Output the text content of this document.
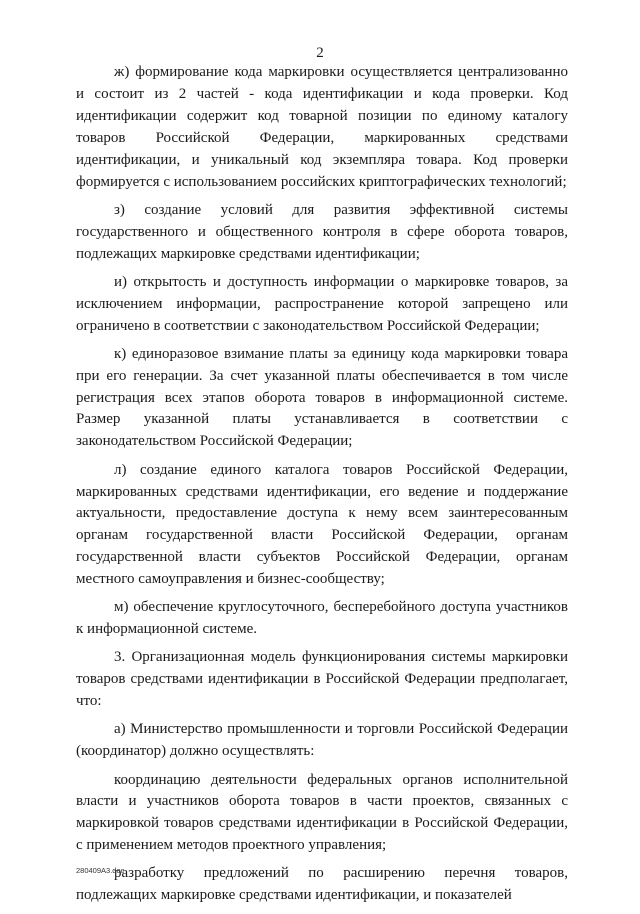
2

ж) формирование кода маркировки осуществляется централизованно и состоит из 2 частей - кода идентификации и кода проверки. Код идентификации содержит код товарной позиции по единому каталогу товаров Российской Федерации, маркированных средствами идентификации, и уникальный код экземпляра товара. Код проверки формируется с использованием российских криптографических технологий;

з) создание условий для развития эффективной системы государственного и общественного контроля в сфере оборота товаров, подлежащих маркировке средствами идентификации;

и) открытость и доступность информации о маркировке товаров, за исключением информации, распространение которой запрещено или ограничено в соответствии с законодательством Российской Федерации;

к) единоразовое взимание платы за единицу кода маркировки товара при его генерации. За счет указанной платы обеспечивается в том числе регистрация всех этапов оборота товаров в информационной системе. Размер указанной платы устанавливается в соответствии с законодательством Российской Федерации;

л) создание единого каталога товаров Российской Федерации, маркированных средствами идентификации, его ведение и поддержание актуальности, предоставление доступа к нему всем заинтересованным органам государственной власти Российской Федерации, органам государственной власти субъектов Российской Федерации, органам местного самоуправления и бизнес-сообществу;

м) обеспечение круглосуточного, бесперебойного доступа участников к информационной системе.

3. Организационная модель функционирования системы маркировки товаров средствами идентификации в Российской Федерации предполагает, что:

а) Министерство промышленности и торговли Российской Федерации (координатор) должно осуществлять:

координацию деятельности федеральных органов исполнительной власти и участников оборота товаров в части проектов, связанных с маркировкой товаров средствами идентификации в Российской Федерации, с применением методов проектного управления;

разработку предложений по расширению перечня товаров, подлежащих маркировке средствами идентификации, и показателей

280409А3.doc
